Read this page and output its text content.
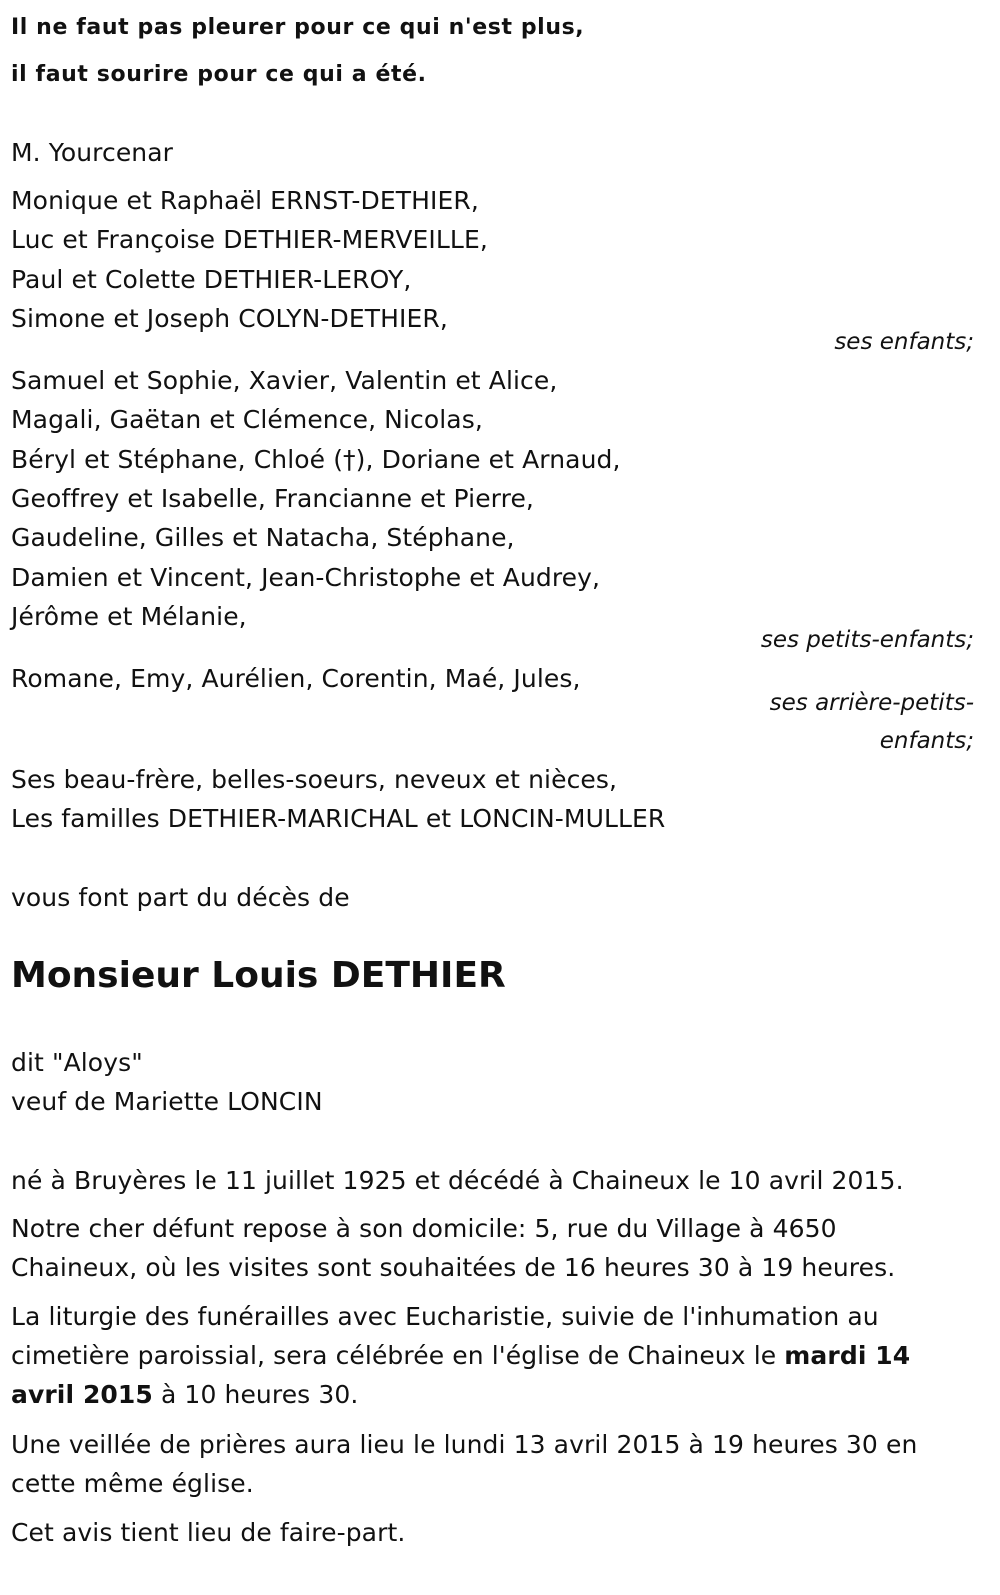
Il ne faut pas pleurer pour ce qui n'est plus,
il faut sourire pour ce qui a été.
M. Yourcenar
Monique et Raphaël ERNST-DETHIER,
Luc et Françoise DETHIER-MERVEILLE,
Paul et Colette DETHIER-LEROY,
Simone et Joseph COLYN-DETHIER,
ses enfants;
Samuel et Sophie, Xavier, Valentin et Alice,
Magali, Gaëtan et Clémence, Nicolas,
Béryl et Stéphane, Chloé (†), Doriane et Arnaud,
Geoffrey et Isabelle, Francianne et Pierre,
Gaudeline, Gilles et Natacha, Stéphane,
Damien et Vincent, Jean-Christophe et Audrey,
Jérôme et Mélanie,
ses petits-enfants;
Romane, Emy, Aurélien, Corentin, Maé, Jules,
ses arrière-petits-
enfants;
Ses beau-frère, belles-soeurs, neveux et nièces,
Les familles DETHIER-MARICHAL et LONCIN-MULLER
vous font part du décès de
Monsieur Louis DETHIER
dit "Aloys"
veuf de Mariette LONCIN
né à Bruyères le 11 juillet 1925 et décédé à Chaineux le 10 avril 2015.
Notre cher défunt repose à son domicile: 5, rue du Village à 4650
Chaineux, où les visites sont souhaitées de 16 heures 30 à 19 heures.
La liturgie des funérailles avec Eucharistie, suivie de l'inhumation au
cimetière paroissial, sera célébrée en l'église de Chaineux le mardi 14
avril 2015 à 10 heures 30.
Une veillée de prières aura lieu le lundi 13 avril 2015 à 19 heures 30 en
cette même église.
Cet avis tient lieu de faire-part.
